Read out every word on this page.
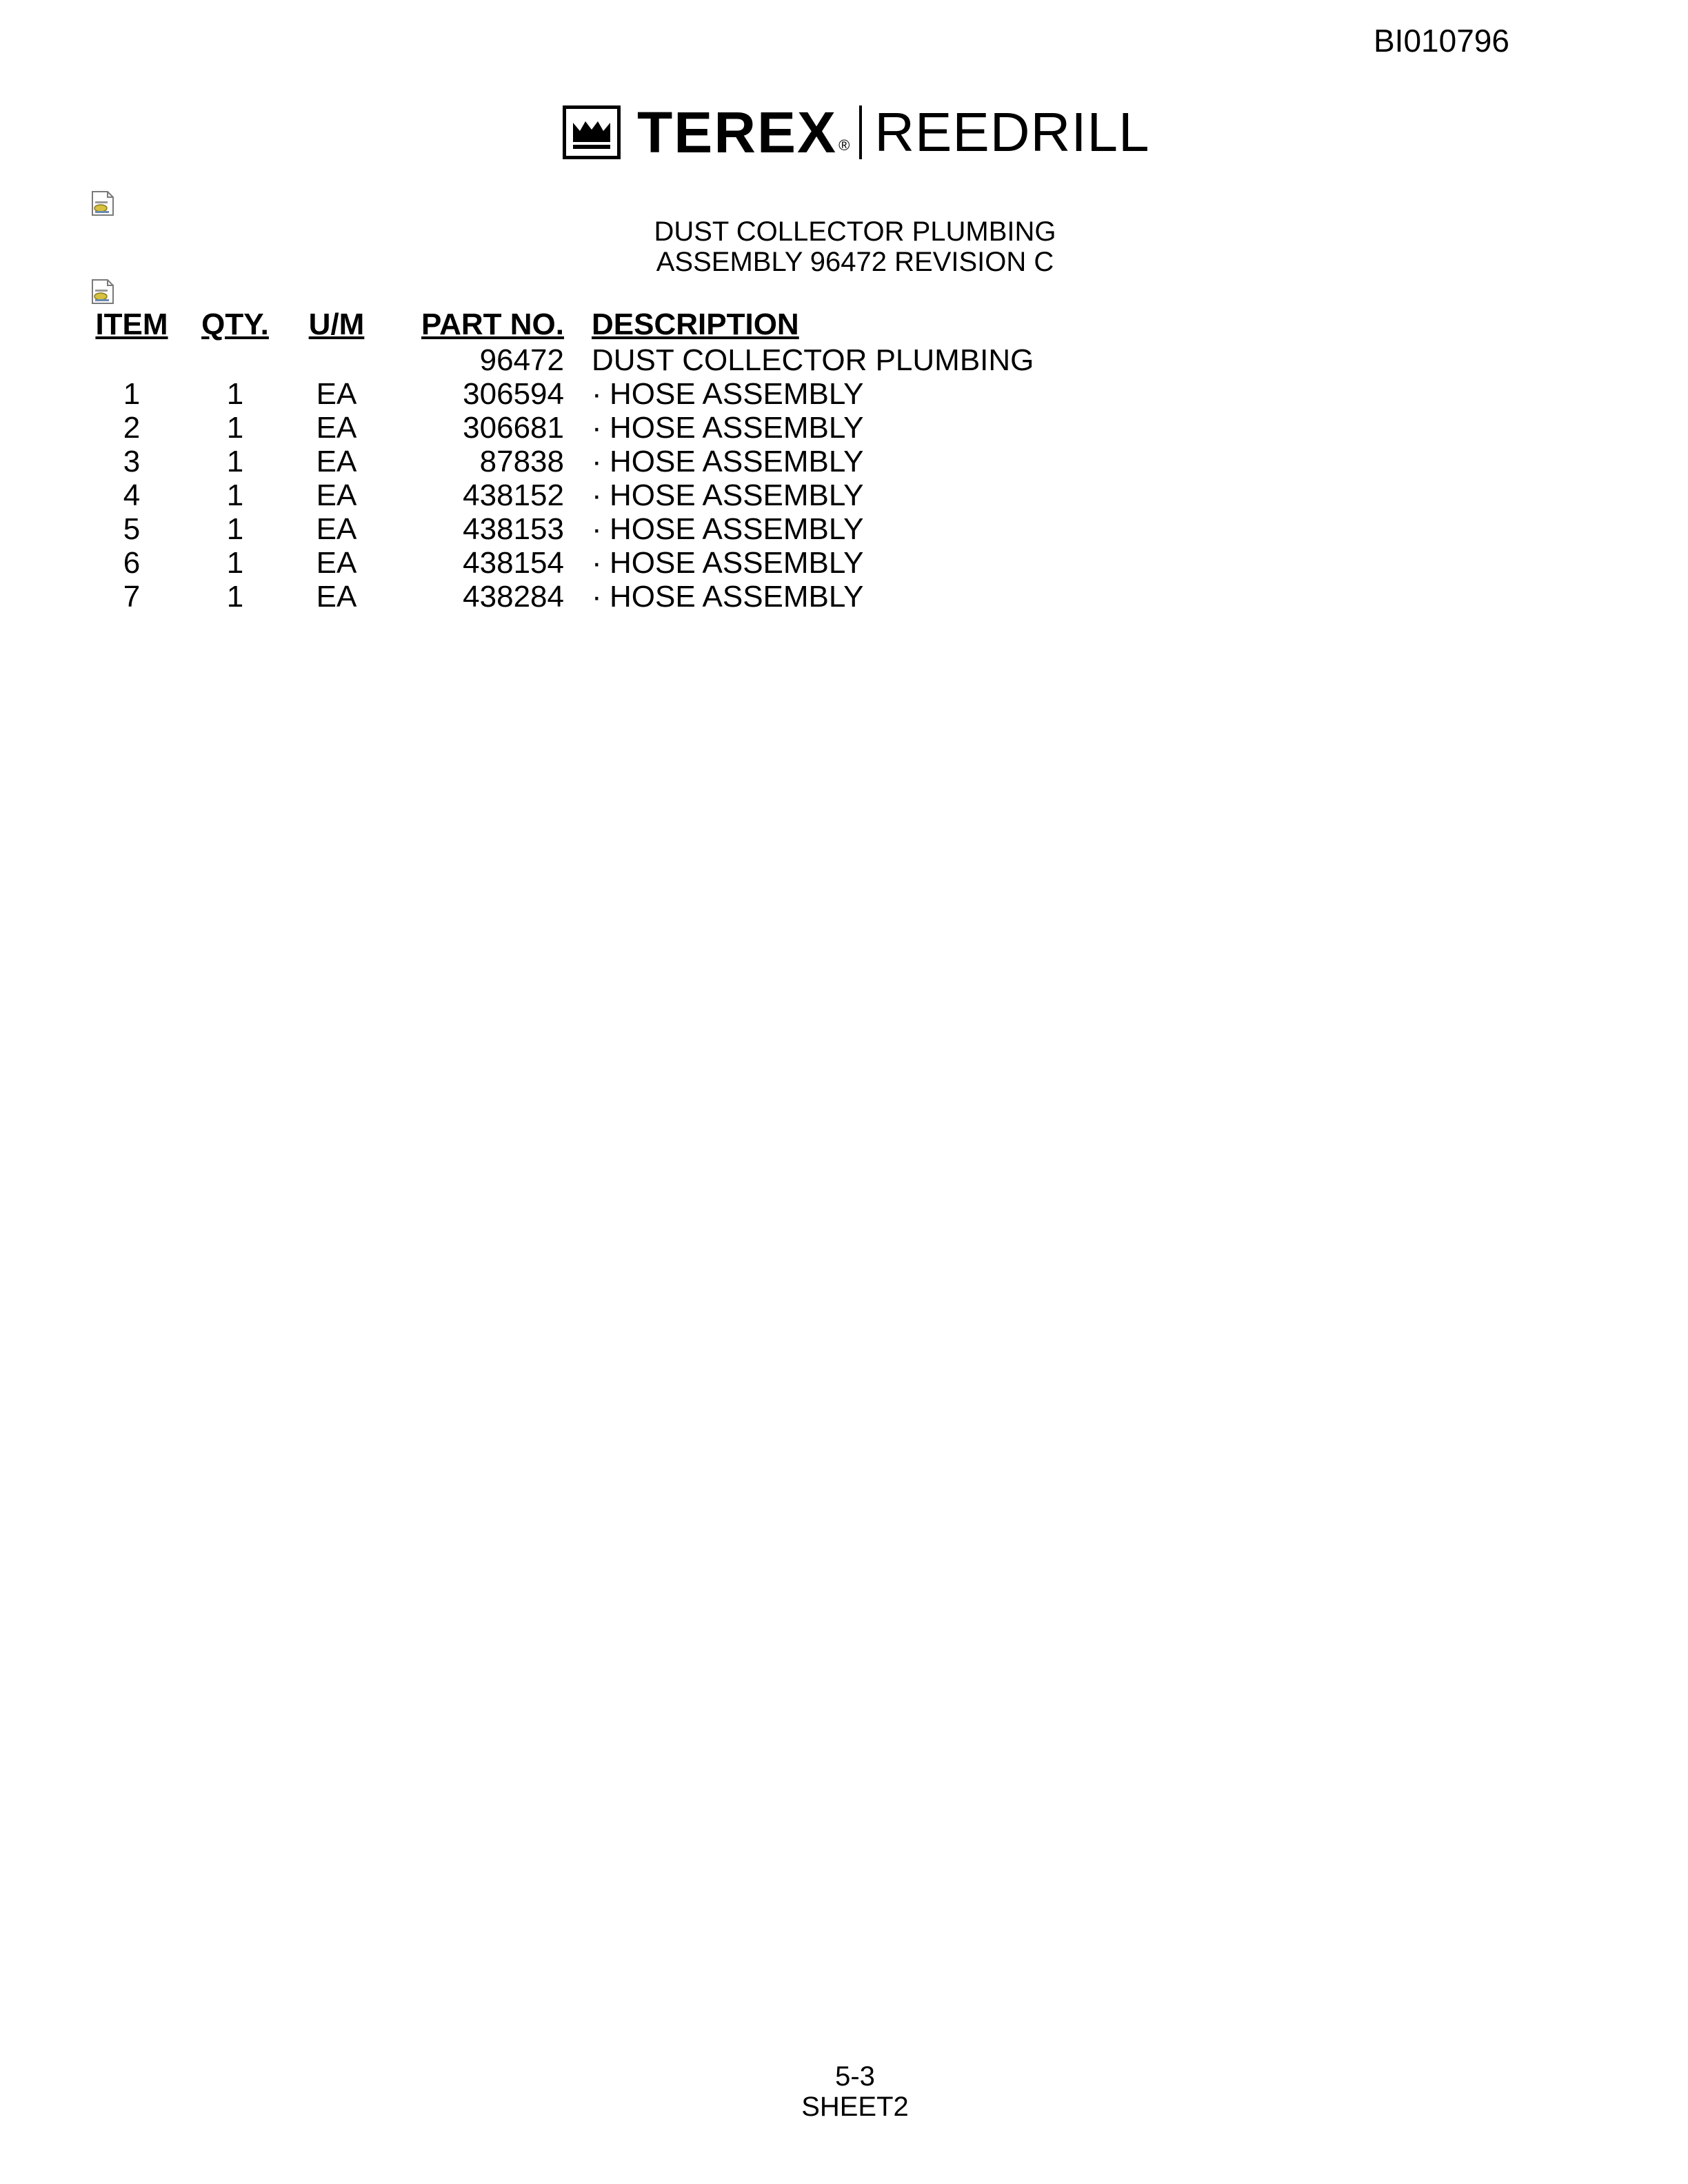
BI010796
TEREX ® REEDRILL
DUST COLLECTOR PLUMBING
ASSEMBLY 96472 REVISION C
ITEM	QTY.	U/M	PART NO.	DESCRIPTION
			96472	DUST COLLECTOR PLUMBING
1	1	EA	306594	· HOSE ASSEMBLY
2	1	EA	306681	· HOSE ASSEMBLY
3	1	EA	87838	· HOSE ASSEMBLY
4	1	EA	438152	· HOSE ASSEMBLY
5	1	EA	438153	· HOSE ASSEMBLY
6	1	EA	438154	· HOSE ASSEMBLY
7	1	EA	438284	· HOSE ASSEMBLY
5-3
SHEET2
